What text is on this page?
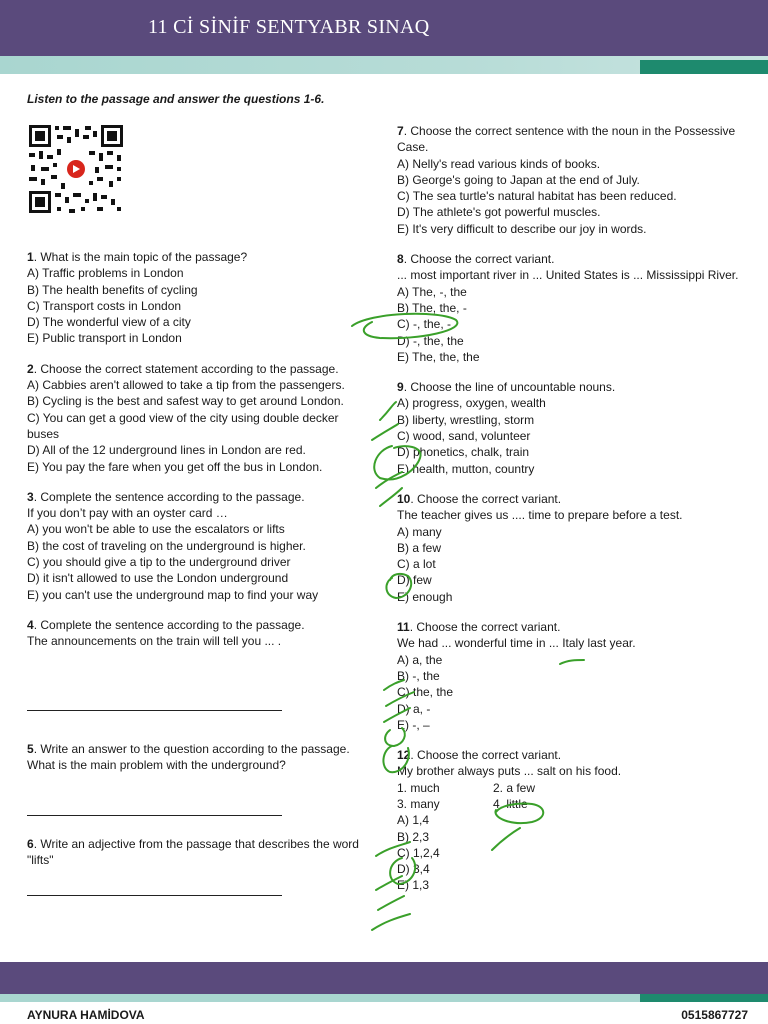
11 Cİ SİNİF SENTYABR SINAQ
Listen to the passage and answer the questions 1-6.
1. What is the main topic of the passage?
A) Traffic problems in London
B) The health benefits of cycling
C) Transport costs in London
D) The wonderful view of a city
E) Public transport in London
2. Choose the correct statement according to the passage.
A) Cabbies aren't allowed to take a tip from the passengers.
B) Cycling is the best and safest way to get around London.
C) You can get a good view of the city using double decker buses
D) All of the 12 underground lines in London are red.
E) You pay the fare when you get off the bus in London.
3. Complete the sentence according to the passage.
If you don’t pay with an oyster card …
A) you won't be able to use the escalators or lifts
B) the cost of traveling on the underground is higher.
C) you should give a tip to the underground driver
D) it isn't allowed to use the London underground
E) you can't use the underground map to find your way
4. Complete the sentence according to the passage.
The announcements on the train will tell you ... .
5. Write an answer to the question according to the passage.
What is the main problem with the underground?
6. Write an adjective from the passage that describes the word "lifts"
7. Choose the correct sentence with the noun in the Possessive Case.
A) Nelly's read various kinds of books.
B) George's going to Japan at the end of July.
C) The sea turtle's natural habitat has been reduced.
D) The athlete's got powerful muscles.
E) It's very difficult to describe our joy in words.
8. Choose the correct variant.
... most important river in ... United States is ... Mississippi River.
A) The, -, the
B) The, the, -
C) -, the, -
D) -, the, the
E) The, the, the
9. Choose the line of uncountable nouns.
A) progress, oxygen, wealth
B) liberty, wrestling, storm
C) wood, sand, volunteer
D) phonetics, chalk, train
E) health, mutton, country
10. Choose the correct variant.
The teacher gives us .... time to prepare before a test.
A) many
B) a few
C) a lot
D) few
E) enough
11. Choose the correct variant.
We had ... wonderful time in ... Italy last year.
A) a, the
B) -, the
C) the, the
D) a, -
E) -, –
12. Choose the correct variant.
My brother always puts ... salt on his food.
1. much	2. a few
3. many	4. little
A) 1,4
B) 2,3
C) 1,2,4
D) 3,4
E) 1,3
AYNURA HAMİDOVA	0515867727
